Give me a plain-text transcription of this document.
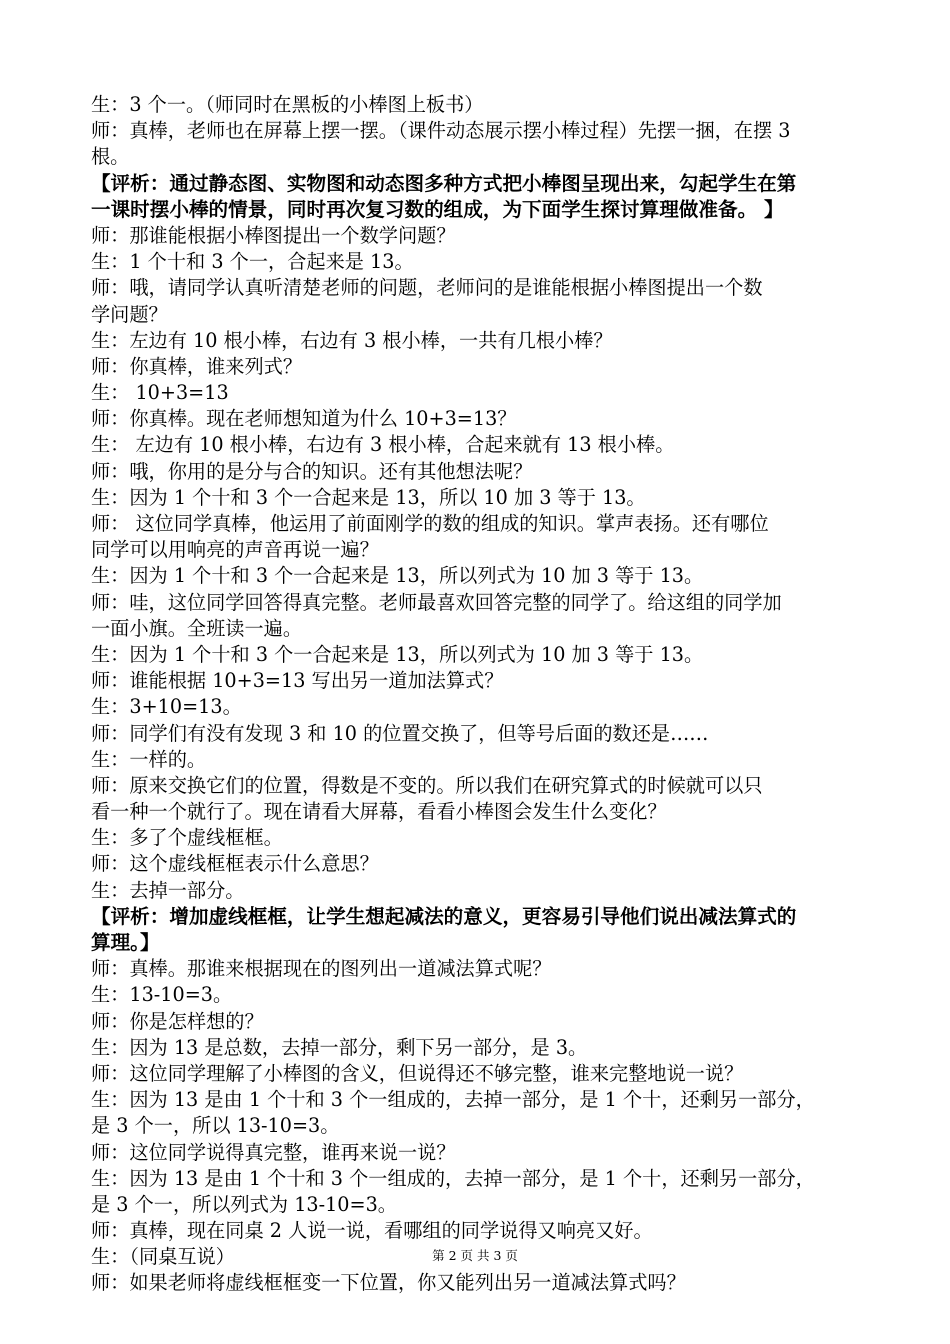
生：3 个一。（师同时在黑板的小棒图上板书）
师：真棒，老师也在屏幕上摆一摆。（课件动态展示摆小棒过程）先摆一捆，在摆 3
根。
【评析：通过静态图、实物图和动态图多种方式把小棒图呈现出来，勾起学生在第
一课时摆小棒的情景，同时再次复习数的组成，为下面学生探讨算理做准备。 】
师：那谁能根据小棒图提出一个数学问题？
生：1 个十和 3 个一，合起来是 13。
师：哦，请同学认真听清楚老师的问题，老师问的是谁能根据小棒图提出一个数
学问题？
生：左边有 10 根小棒，右边有 3 根小棒，一共有几根小棒？
师：你真棒，谁来列式？
生： 10+3=13
师：你真棒。现在老师想知道为什么 10+3=13？
生： 左边有 10 根小棒，右边有 3 根小棒，合起来就有 13 根小棒。
师：哦，你用的是分与合的知识。还有其他想法呢？
生：因为 1 个十和 3 个一合起来是 13，所以 10 加 3 等于 13。
师： 这位同学真棒，他运用了前面刚学的数的组成的知识。掌声表扬。还有哪位
同学可以用响亮的声音再说一遍？
生：因为 1 个十和 3 个一合起来是 13，所以列式为 10 加 3 等于 13。
师：哇，这位同学回答得真完整。老师最喜欢回答完整的同学了。给这组的同学加
一面小旗。全班读一遍。
生：因为 1 个十和 3 个一合起来是 13，所以列式为 10 加 3 等于 13。
师：谁能根据 10+3=13 写出另一道加法算式？
生：3+10=13。
师：同学们有没有发现 3 和 10 的位置交换了，但等号后面的数还是……
生：一样的。
师：原来交换它们的位置，得数是不变的。所以我们在研究算式的时候就可以只
看一种一个就行了。现在请看大屏幕，看看小棒图会发生什么变化？
生：多了个虚线框框。
师：这个虚线框框表示什么意思？
生：去掉一部分。
【评析：增加虚线框框，让学生想起减法的意义，更容易引导他们说出减法算式的
算理。】
师：真棒。那谁来根据现在的图列出一道减法算式呢？
生：13-10=3。
师：你是怎样想的？
生：因为 13 是总数，去掉一部分，剩下另一部分，是 3。
师：这位同学理解了小棒图的含义，但说得还不够完整，谁来完整地说一说？
生：因为 13 是由 1 个十和 3 个一组成的，去掉一部分，是 1 个十，还剩另一部分，
是 3 个一，所以 13-10=3。
师：这位同学说得真完整，谁再来说一说？
生：因为 13 是由 1 个十和 3 个一组成的，去掉一部分，是 1 个十，还剩另一部分，
是 3 个一，所以列式为 13-10=3。
师：真棒，现在同桌 2 人说一说，看哪组的同学说得又响亮又好。
生：（同桌互说）
师：如果老师将虚线框框变一下位置，你又能列出另一道减法算式吗？
第 2 页 共 3 页
